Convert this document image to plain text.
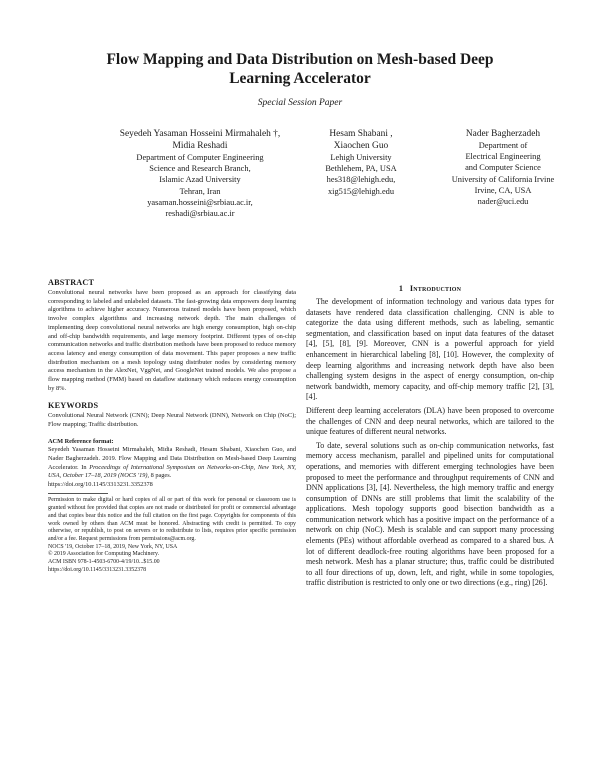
Flow Mapping and Data Distribution on Mesh-based Deep
Learning Accelerator
Special Session Paper
Seyedeh Yasaman Hosseini Mirmahaleh †,
Midia Reshadi
Department of Computer Engineering
Science and Research Branch,
Islamic Azad University
Tehran, Iran
yasaman.hosseini@srbiau.ac.ir,
reshadi@srbiau.ac.ir
Hesam Shabani ,
Xiaochen Guo
Lehigh University
Bethlehem, PA, USA
hes318@lehigh.edu,
xig515@lehigh.edu
Nader Bagherzadeh
Department of
Electrical Engineering
and Computer Science
University of California Irvine
Irvine, CA, USA
nader@uci.edu
ABSTRACT
Convolutional neural networks have been proposed as an approach for classifying data corresponding to labeled and unlabeled datasets. The fast-growing data empowers deep learning algorithms to achieve higher accuracy. Numerous trained models have been proposed, which involve complex algorithms and increasing network depth. The main challenges of implementing deep convolutional neural networks are high energy consumption, high on-chip and off-chip bandwidth requirements, and large memory footprint. Different types of on-chip communication networks and traffic distribution methods have been proposed to reduce memory access latency and energy consumption of data movement. This paper proposes a new traffic distribution mechanism on a mesh topology using distributer nodes by considering memory access mechanism in the AlexNet, VggNet, and GoogleNet trained models. We also propose a flow mapping method (FMM) based on dataflow stationary which reduces energy consumption by 8%.
KEYWORDS
Convolutional Neural Network (CNN); Deep Neural Network (DNN), Network on Chip (NoC); Flow mapping; Traffic distribution.
ACM Reference format:
Seyedeh Yasaman Hosseini Mirmahaleh, Midia Reshadi, Hesam Shabani, Xiaochen Guo, and Nader Bagherzadeh. 2019. Flow Mapping and Data Distribution on Mesh-based Deep Learning Accelerator. In Proceedings of International Symposium on Networks-on-Chip, New York, NY, USA, October 17–18, 2019 (NOCS '19), 8 pages.
https://doi.org/10.1145/3313231.3352378
Permission to make digital or hard copies of all or part of this work for personal or classroom use is granted without fee provided that copies are not made or distributed for profit or commercial advantage and that copies bear this notice and the full citation on the first page. Copyrights for components of this work owned by others than ACM must be honored. Abstracting with credit is permitted. To copy otherwise, or republish, to post on servers or to redistribute to lists, requires prior specific permission and/or a fee. Request permissions from permissions@acm.org.
NOCS '19, October 17–18, 2019, New York, NY, USA
© 2019 Association for Computing Machinery.
ACM ISBN 978-1-4503-6700-4/19/10...$15.00
https://doi.org/10.1145/3313231.3352378
1 Introduction

The development of information technology and various data types for datasets have rendered data classification challenging. CNN is able to categorize the data using different methods, such as labeling, semantic segmentation, and classification based on input data features of the dataset [4], [5], [8], [9]. Moreover, CNN is a powerful approach for yield enhancement in hierarchical labeling [8], [10]. However, the complexity of deep learning algorithms and increasing network depth have also been challenging system designs in the aspect of energy consumption, on-chip network bandwidth, memory capacity, and off-chip memory traffic [2], [3], [4].

Different deep learning accelerators (DLA) have been proposed to overcome the challenges of CNN and deep neural networks, which are tailored to the unique features of different neural networks.

To date, several solutions such as on-chip communication networks, fast memory access mechanism, parallel and pipelined units for computational operations, and memories with different emerging technologies have been proposed to meet the performance and throughput requirements of CNN and DNN applications [3], [4]. Nevertheless, the high memory traffic and energy consumption of DNNs are still problems that limit the scalability of the applications. Mesh topology supports good bisection bandwidth as a communication network which has a positive impact on the performance of a network on chip (NoC). Mesh is scalable and can support many processing elements (PEs) without affordable overhead as compared to a shared bus. A lot of different deadlock-free routing algorithms have been proposed for a mesh network. Mesh has a planar structure; thus, traffic could be distributed to all four directions of up, down, left, and right, while in some topologies, traffic distribution is restricted to only one or two directions (e.g., ring) [26].
